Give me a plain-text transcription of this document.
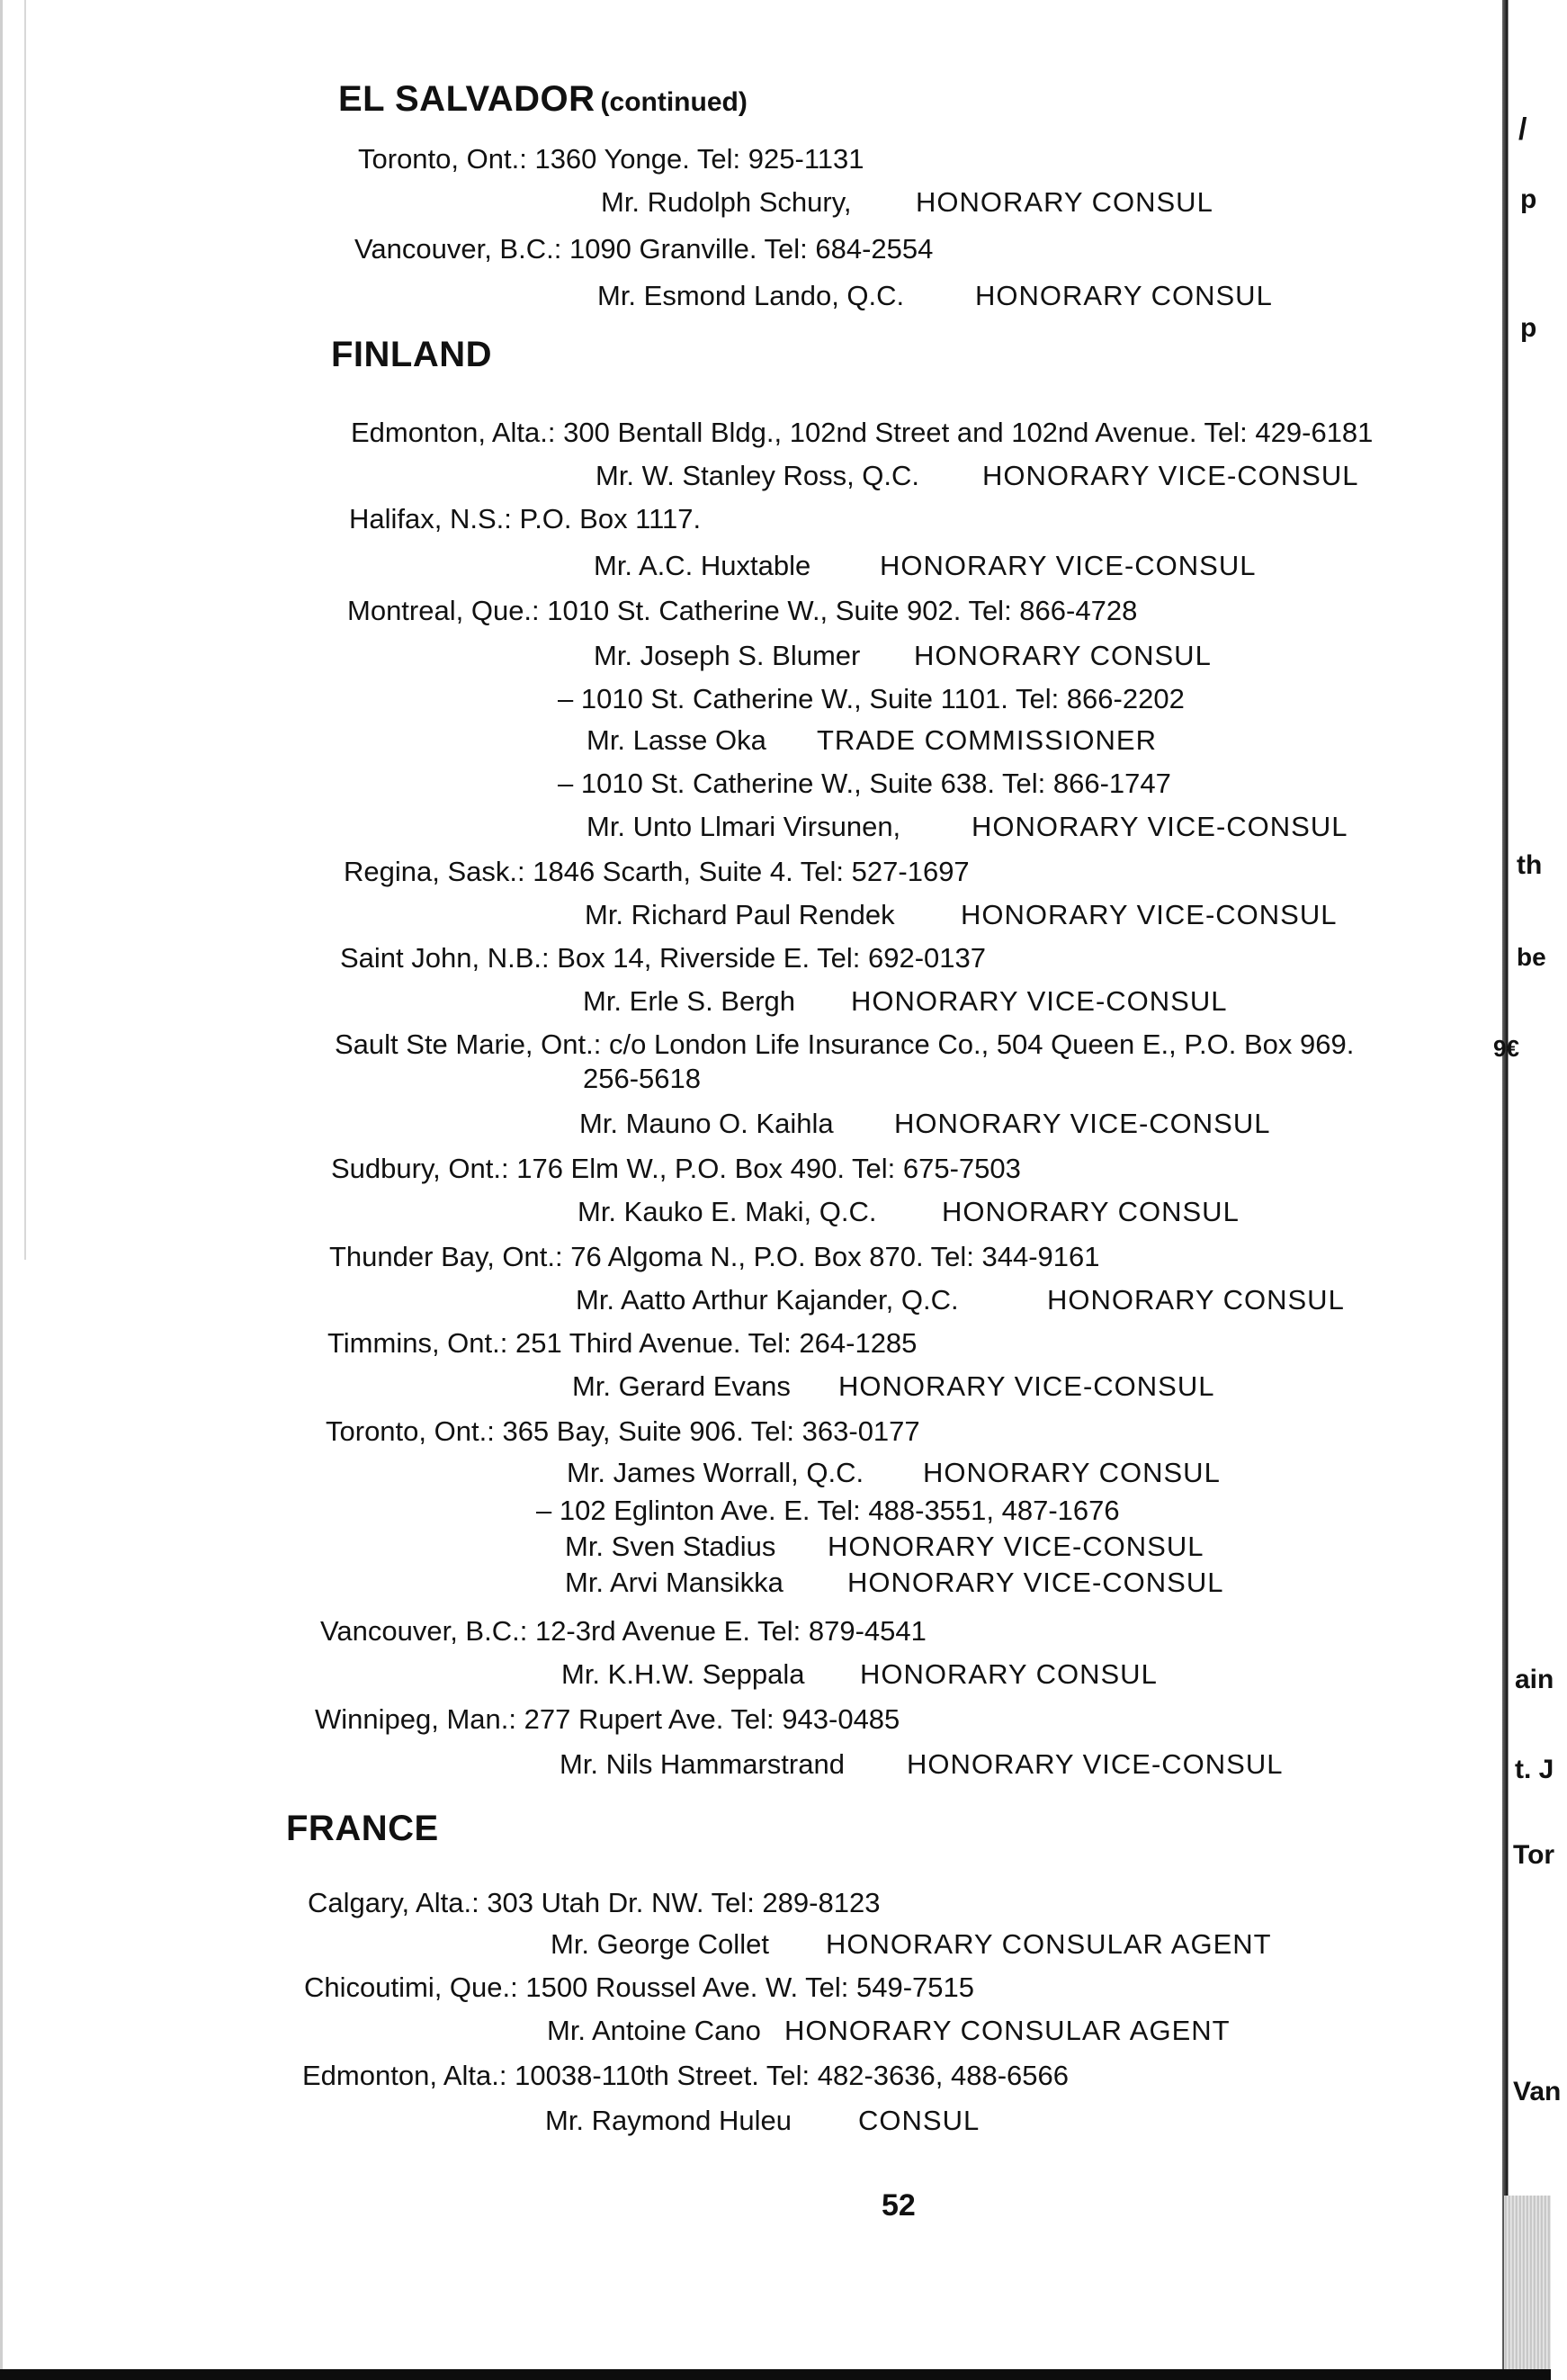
/
p
p
th
be
9€
ain
t. J
Tor
Van
EL SALVADOR (continued)
Toronto, Ont.: 1360 Yonge. Tel: 925-1131
Mr. Rudolph Schury, HONORARY CONSUL
Vancouver, B.C.: 1090 Granville. Tel: 684-2554
Mr. Esmond Lando, Q.C.	HONORARY CONSUL
FINLAND
Edmonton, Alta.: 300 Bentall Bldg., 102nd Street and 102nd Avenue. Tel: 429-6181
Mr. W. Stanley Ross, Q.C. HONORARY VICE-CONSUL
Halifax, N.S.: P.O. Box 1117.
Mr. A.C. Huxtable HONORARY VICE-CONSUL
Montreal, Que.: 1010 St. Catherine W., Suite 902. Tel: 866-4728
Mr. Joseph S. Blumer HONORARY CONSUL
– 1010 St. Catherine W., Suite 1101. Tel: 866-2202
Mr. Lasse Oka TRADE COMMISSIONER
– 1010 St. Catherine W., Suite 638. Tel: 866-1747
Mr. Unto Llmari Virsunen,	HONORARY VICE-CONSUL
Regina, Sask.: 1846 Scarth, Suite 4. Tel: 527-1697
Mr. Richard Paul Rendek HONORARY VICE-CONSUL
Saint John, N.B.: Box 14, Riverside E. Tel: 692-0137
Mr. Erle S. Bergh HONORARY VICE-CONSUL
Sault Ste Marie, Ont.: c/o London Life Insurance Co., 504 Queen E., P.O. Box 969.
256-5618
Mr. Mauno O. Kaihla HONORARY VICE-CONSUL
Sudbury, Ont.: 176 Elm W., P.O. Box 490. Tel: 675-7503
Mr. Kauko E. Maki, Q.C. HONORARY CONSUL
Thunder Bay, Ont.: 76 Algoma N., P.O. Box 870. Tel: 344-9161
Mr. Aatto Arthur Kajander, Q.C.	HONORARY CONSUL
Timmins, Ont.: 251 Third Avenue. Tel: 264-1285
Mr. Gerard Evans HONORARY VICE-CONSUL
Toronto, Ont.: 365 Bay, Suite 906. Tel: 363-0177
Mr. James Worrall, Q.C. HONORARY CONSUL
– 102 Eglinton Ave. E. Tel: 488-3551, 487-1676
Mr. Sven Stadius HONORARY VICE-CONSUL
Mr. Arvi Mansikka HONORARY VICE-CONSUL
Vancouver, B.C.: 12-3rd Avenue E. Tel: 879-4541
Mr. K.H.W. Seppala HONORARY CONSUL
Winnipeg, Man.: 277 Rupert Ave. Tel: 943-0485
Mr. Nils Hammarstrand HONORARY VICE-CONSUL
FRANCE
Calgary, Alta.: 303 Utah Dr. NW. Tel: 289-8123
Mr. George Collet HONORARY CONSULAR AGENT
Chicoutimi, Que.: 1500 Roussel Ave. W. Tel: 549-7515
Mr. Antoine Cano HONORARY CONSULAR AGENT
Edmonton, Alta.: 10038-110th Street. Tel: 482-3636, 488-6566
Mr. Raymond Huleu CONSUL
52
